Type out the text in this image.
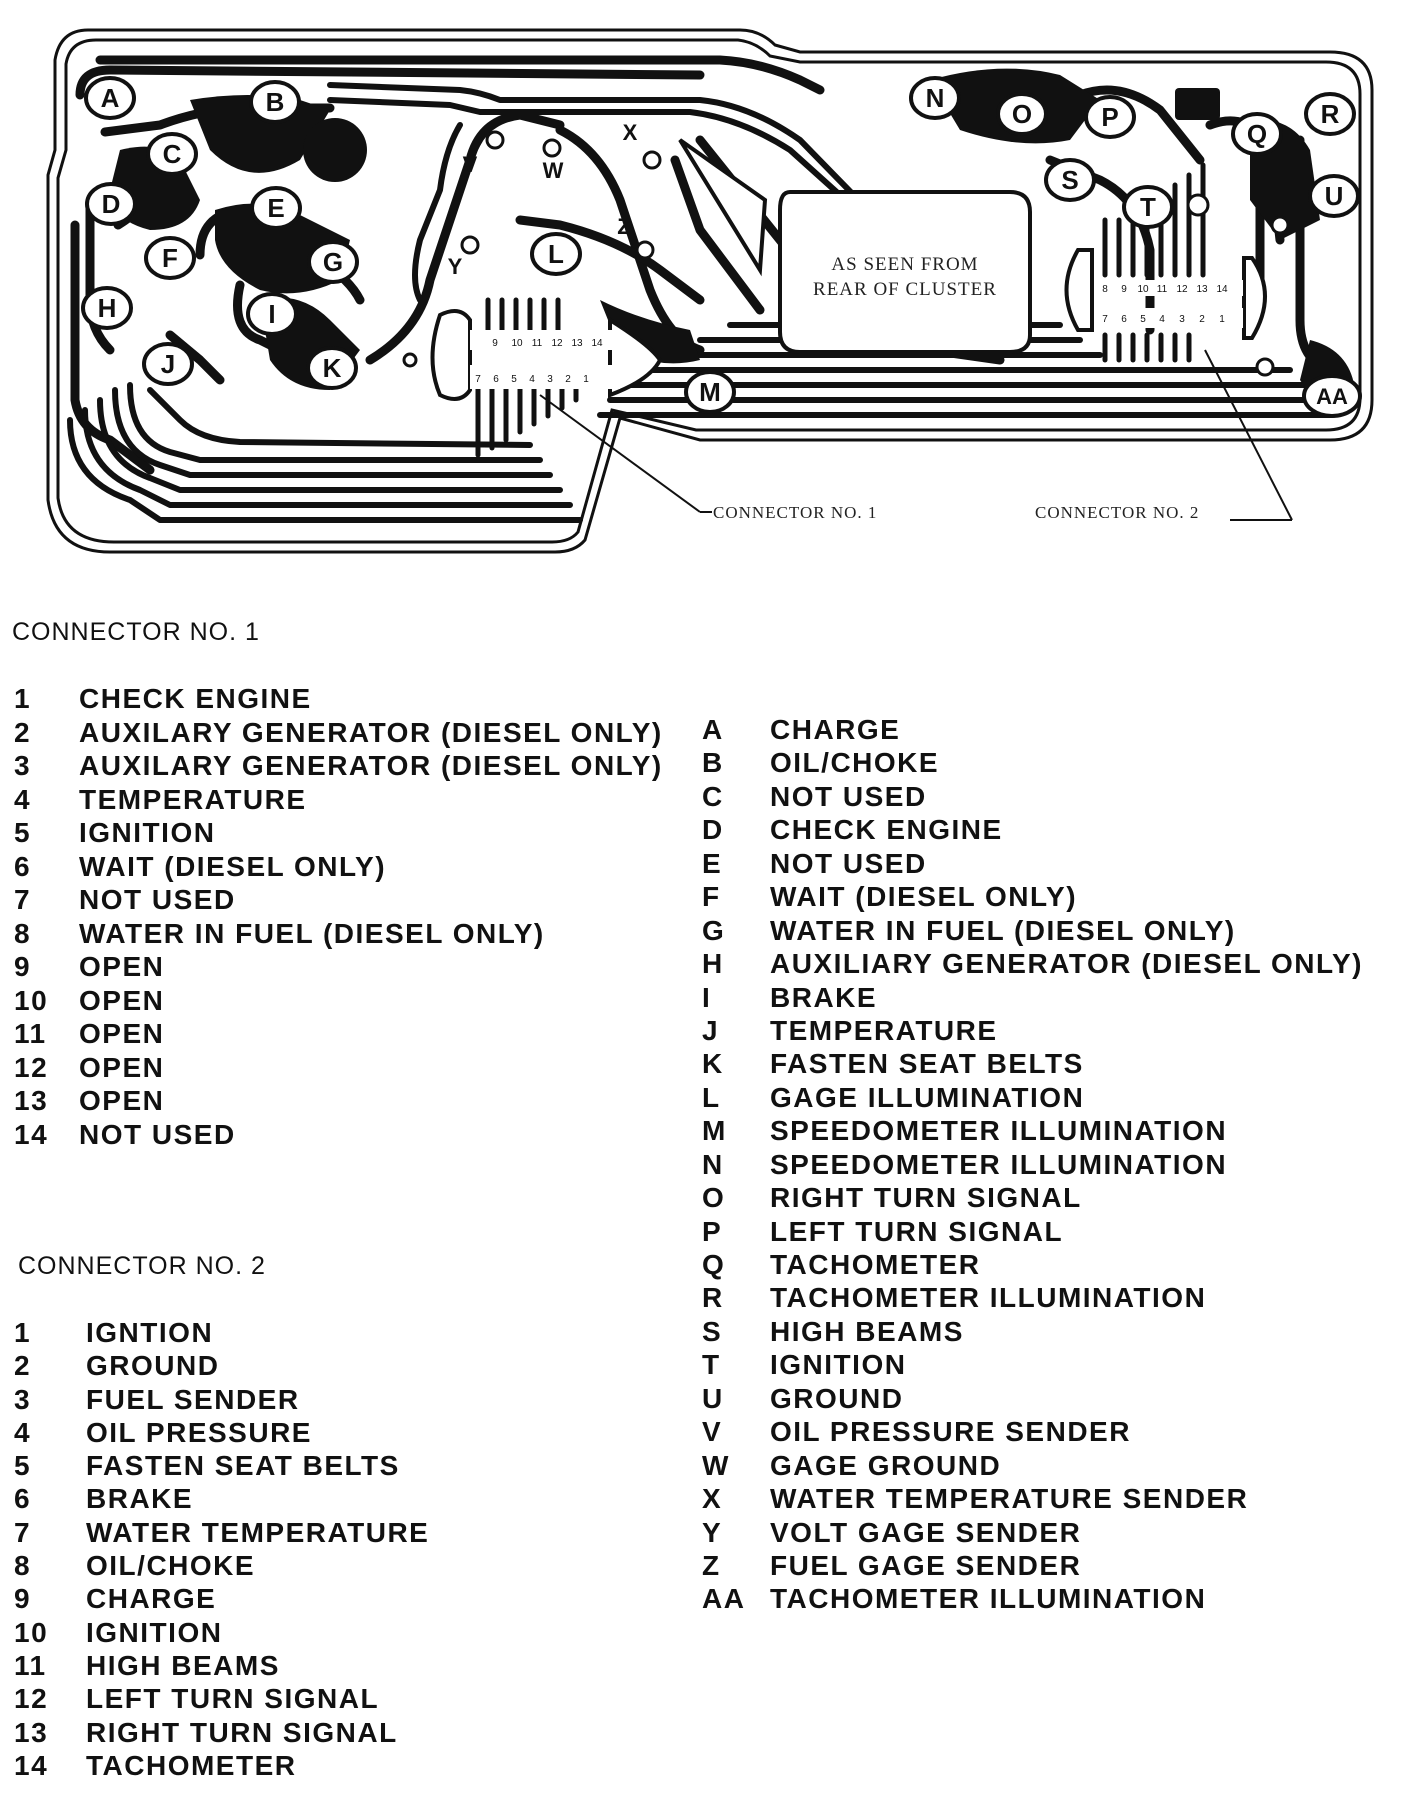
AS SEEN FROM
REAR OF CLUSTER
9 10 11 12 13 14
7 6 5 4 3 2 1
8 9 10 11 12 13 14
7 6 5 4 3 2 1
A	B
C
D	E
F	G
H	I
J	K
L
M
N
O	P
Q
R
S
T	U
AA
V	W
X
Y
Z
CONNECTOR NO. 1	CONNECTOR NO. 2
CONNECTOR NO. 1
1	CHECK ENGINE
2	AUXILARY GENERATOR (DIESEL ONLY)
3	AUXILARY GENERATOR (DIESEL ONLY)
4	TEMPERATURE
5	IGNITION
6	WAIT (DIESEL ONLY)
7	NOT USED
8	WATER IN FUEL (DIESEL ONLY)
9	OPEN
10	OPEN
11	OPEN
12	OPEN
13	OPEN
14	NOT USED
CONNECTOR NO. 2
1	IGNTION
2	GROUND
3	FUEL SENDER
4	OIL PRESSURE
5	FASTEN SEAT BELTS
6	BRAKE
7	WATER TEMPERATURE
8	OIL/CHOKE
9	CHARGE
10	IGNITION
11	HIGH BEAMS
12	LEFT TURN SIGNAL
13	RIGHT TURN SIGNAL
14	TACHOMETER
A	CHARGE
B	OIL/CHOKE
C	NOT USED
D	CHECK ENGINE
E	NOT USED
F	WAIT (DIESEL ONLY)
G	WATER IN FUEL (DIESEL ONLY)
H	AUXILIARY GENERATOR (DIESEL ONLY)
I	BRAKE
J	TEMPERATURE
K	FASTEN SEAT BELTS
L	GAGE ILLUMINATION
M	SPEEDOMETER ILLUMINATION
N	SPEEDOMETER ILLUMINATION
O	RIGHT TURN SIGNAL
P	LEFT TURN SIGNAL
Q	TACHOMETER
R	TACHOMETER ILLUMINATION
S	HIGH BEAMS
T	IGNITION
U	GROUND
V	OIL PRESSURE SENDER
W	GAGE GROUND
X	WATER TEMPERATURE SENDER
Y	VOLT GAGE SENDER
Z	FUEL GAGE SENDER
AA TACHOMETER ILLUMINATION
